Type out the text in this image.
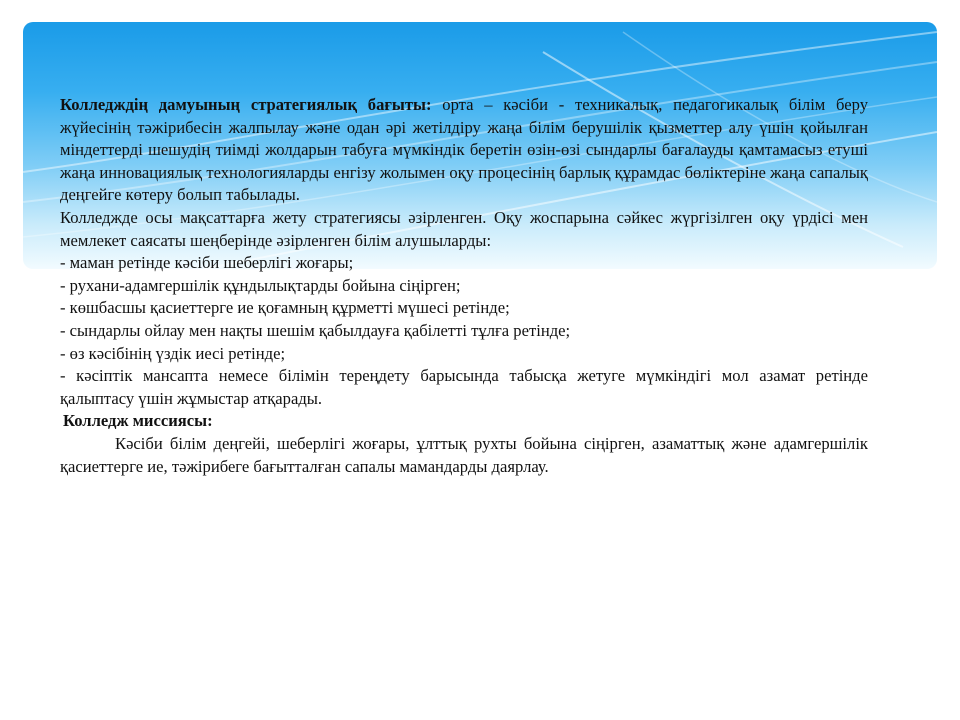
Колледждің дамуының стратегиялық бағыты: орта – кәсіби - техникалық, педагогикалық білім беру жүйесінің тәжірибесін жалпылау және одан әрі жетілдіру жаңа білім берушілік қызметтер алу үшін қойылған міндеттерді шешудің тиімді жолдарын табуға мүмкіндік беретін өзін-өзі сындарлы бағалауды қамтамасыз етуші жаңа инновациялық технологияларды енгізу жолымен оқу процесінің барлық құрамдас бөліктеріне жаңа сапалық деңгейге көтеру болып табылады.

Колледжде осы мақсаттарға жету стратегиясы әзірленген. Оқу жоспарына сәйкес жүргізілген оқу үрдісі мен мемлекет саясаты шеңберінде әзірленген білім алушыларды:

- маман ретінде кәсіби шеберлігі жоғары;

- рухани-адамгершілік құндылықтарды бойына сіңірген;

- көшбасшы қасиеттерге ие қоғамның құрметті мүшесі ретінде;

- сындарлы ойлау мен нақты шешім қабылдауға қабілетті тұлға ретінде;

- өз кәсібінің үздік иесі ретінде;

- кәсіптік мансапта немесе білімін тереңдету барысында табысқа жетуге мүмкіндігі мол азамат ретінде қалыптасу үшін жұмыстар атқарады.

Колледж миссиясы:

Кәсіби білім деңгейі, шеберлігі жоғары, ұлттық рухты бойына сіңірген, азаматтық және адамгершілік қасиеттерге ие, тәжірибеге бағытталған сапалы мамандарды даярлау.
